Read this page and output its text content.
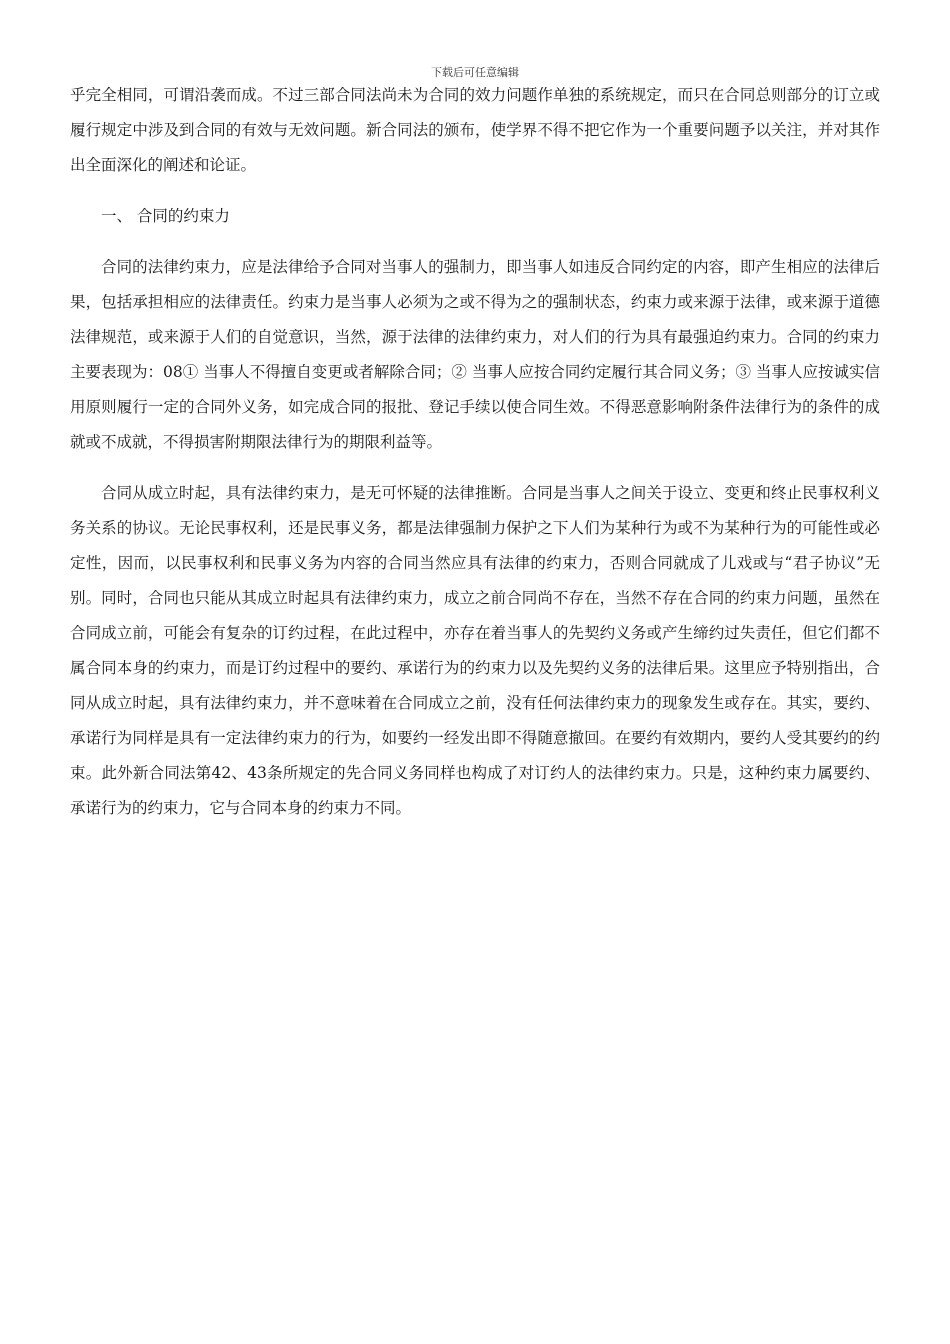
下载后可任意编辑

乎完全相同，可谓沿袭而成。不过三部合同法尚未为合同的效力问题作单独的系统规定，而只在合同总则部分的订立或履行规定中涉及到合同的有效与无效问题。新合同法的颁布，使学界不得不把它作为一个重要问题予以关注，并对其作出全面深化的阐述和论证。

一、 合同的约束力

合同的法律约束力，应是法律给予合同对当事人的强制力，即当事人如违反合同约定的内容，即产生相应的法律后果，包括承担相应的法律责任。约束力是当事人必须为之或不得为之的强制状态，约束力或来源于法律，或来源于道德法律规范，或来源于人们的自觉意识，当然，源于法律的法律约束力，对人们的行为具有最强迫约束力。合同的约束力主要表现为：08① 当事人不得擅自变更或者解除合同；② 当事人应按合同约定履行其合同义务；③ 当事人应按诚实信用原则履行一定的合同外义务，如完成合同的报批、登记手续以使合同生效。不得恶意影响附条件法律行为的条件的成就或不成就，不得损害附期限法律行为的期限利益等。

合同从成立时起，具有法律约束力，是无可怀疑的法律推断。合同是当事人之间关于设立、变更和终止民事权利义务关系的协议。无论民事权利，还是民事义务，都是法律强制力保护之下人们为某种行为或不为某种行为的可能性或必定性，因而，以民事权利和民事义务为内容的合同当然应具有法律的约束力，否则合同就成了儿戏或与“君子协议”无别。同时，合同也只能从其成立时起具有法律约束力，成立之前合同尚不存在，当然不存在合同的约束力问题，虽然在合同成立前，可能会有复杂的订约过程，在此过程中，亦存在着当事人的先契约义务或产生缔约过失责任，但它们都不属合同本身的约束力，而是订约过程中的要约、承诺行为的约束力以及先契约义务的法律后果。这里应予特别指出，合同从成立时起，具有法律约束力，并不意味着在合同成立之前，没有任何法律约束力的现象发生或存在。其实，要约、承诺行为同样是具有一定法律约束力的行为，如要约一经发出即不得随意撤回。在要约有效期内，要约人受其要约的约束。此外新合同法第42、43条所规定的先合同义务同样也构成了对订约人的法律约束力。只是，这种约束力属要约、承诺行为的约束力，它与合同本身的约束力不同。
